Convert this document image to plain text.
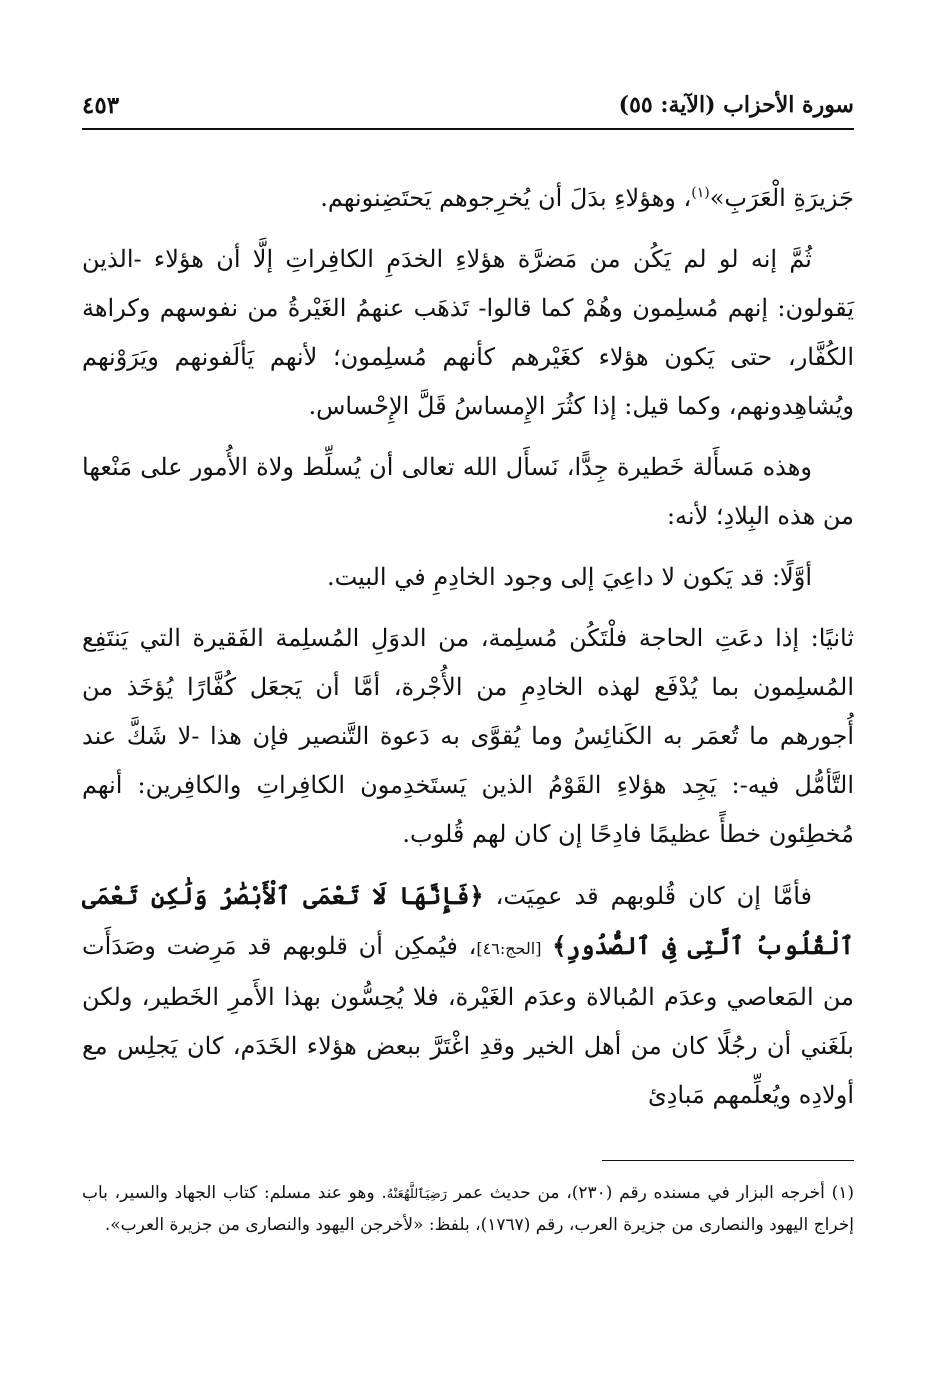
سورة الأحزاب (الآية: ٥٥)
٤٥٣

جَزيرَةِ الْعَرَبِ»$^{(١)}$، وهؤلاءِ بدَلَ أن يُخرِجوهم يَحتَضِنونهم.

ثُمَّ إنه لو لم يَكُن من مَضرَّة هؤلاءِ الخدَمِ الكافِراتِ إلَّا أن هؤلاء -الذين يَقولون: إنهم مُسلِمون وهُمْ كما قالوا- تَذهَب عنهمُ الغَيْرةُ من نفوسهم وكراهة الكُفَّار، حتى يَكون هؤلاء كغَيْرهم كأنهم مُسلِمون؛ لأنهم يَألَفونهم ويَرَوْنهم ويُشاهِدونهم، وكما قيل: إذا كثُرَ الإِمساسُ قَلَّ الإِحْساس.

وهذه مَسأَلة خَطيرة جِدًّا، نَسأَل الله تعالى أن يُسلِّط ولاة الأُمور على مَنْعها من هذه البِلادِ؛ لأنه:

أوَّلًا: قد يَكون لا داعِيَ إلى وجود الخادِمِ في البيت.

ثانيًا: إذا دعَتِ الحاجة فلْتَكُن مُسلِمة، من الدوَلِ المُسلِمة الفَقيرة التي يَنتَفِع المُسلِمون بما يُدْفَع لهذه الخادِمِ من الأُجْرة، أمَّا أن يَجعَل كُفَّارًا يُؤخَذ من أُجورهم ما تُعمَر به الكَنائِسُ وما يُقوَّى به دَعوة التَّنصير فإن هذا -لا شَكَّ عند التَّأمُّل فيه-: يَجِد هؤلاءِ القَوْمُ الذين يَستَخدِمون الكافِراتِ والكافِرين: أنهم مُخطِئون خطأً عظيمًا فادِحًا إن كان لهم قُلوب.

فأمَّا إن كان قُلوبهم قد عمِيَت، ﴿فَإِنَّهَا لَا تَعْمَى ٱلْأَبْصَٰرُ وَلَٰكِن تَعْمَى ٱلْقُلُوبُ ٱلَّتِى فِى ٱلصُّدُورِ﴾ [الحج:٤٦]، فيُمكِن أن قلوبهم قد مَرِضت وصَدَأَت من المَعاصي وعدَم المُبالاة وعدَم الغَيْرة، فلا يُحِسُّون بهذا الأَمرِ الخَطير، ولكن بلَغَني أن رجُلًا كان من أهل الخير وقدِ اغْتَرَّ ببعض هؤلاء الخَدَم، كان يَجلِس مع أولادِه ويُعلِّمهم مَبادِئ

(١) أخرجه البزار في مسنده رقم (٢٣٠)، من حديث عمر رَضِيَٱللَّهُعَنْهُ. وهو عند مسلم: كتاب الجهاد والسير، باب إخراج اليهود والنصارى من جزيرة العرب، رقم (١٧٦٧)، بلفظ: «لأخرجن اليهود والنصارى من جزيرة العرب».
